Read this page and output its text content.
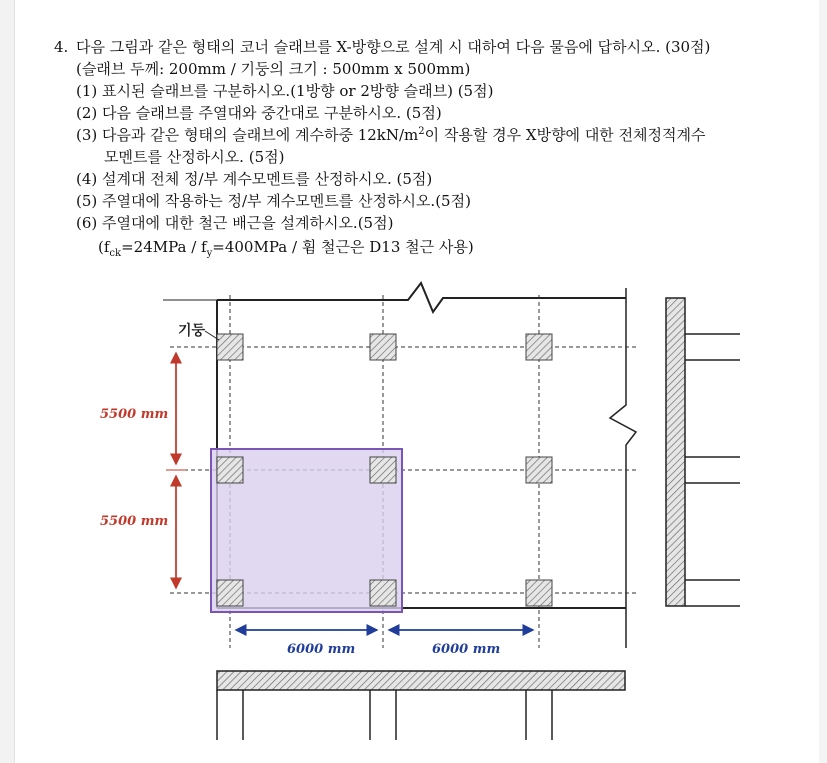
4. 다음 그림과 같은 형태의 코너 슬래브를 X-방향으로 설계 시 대하여 다음 물음에 답하시오. (30점)
(슬래브 두께: 200mm / 기둥의 크기 : 500mm x 500mm)
(1) 표시된 슬래브를 구분하시오.(1방향 or 2방향 슬래브) (5점)
(2) 다음 슬래브를 주열대와 중간대로 구분하시오. (5점)
(3) 다음과 같은 형태의 슬래브에 계수하중 $12kN/m^2$이 작용할 경우 X방향에 대한 전체정적계수
모멘트를 산정하시오. (5점)
(4) 설계대 전체 정/부 계수모멘트를 산정하시오. (5점)
(5) 주열대에 작용하는 정/부 계수모멘트를 산정하시오.(5점)
(6) 주열대에 대한 철근 배근을 설계하시오.(5점)
($f_{ck}=24MPa / f_y=400MPa$ / 휨 철근은 D13 철근 사용)
기둥
5500 mm
5500 mm
6000 mm	6000 mm
